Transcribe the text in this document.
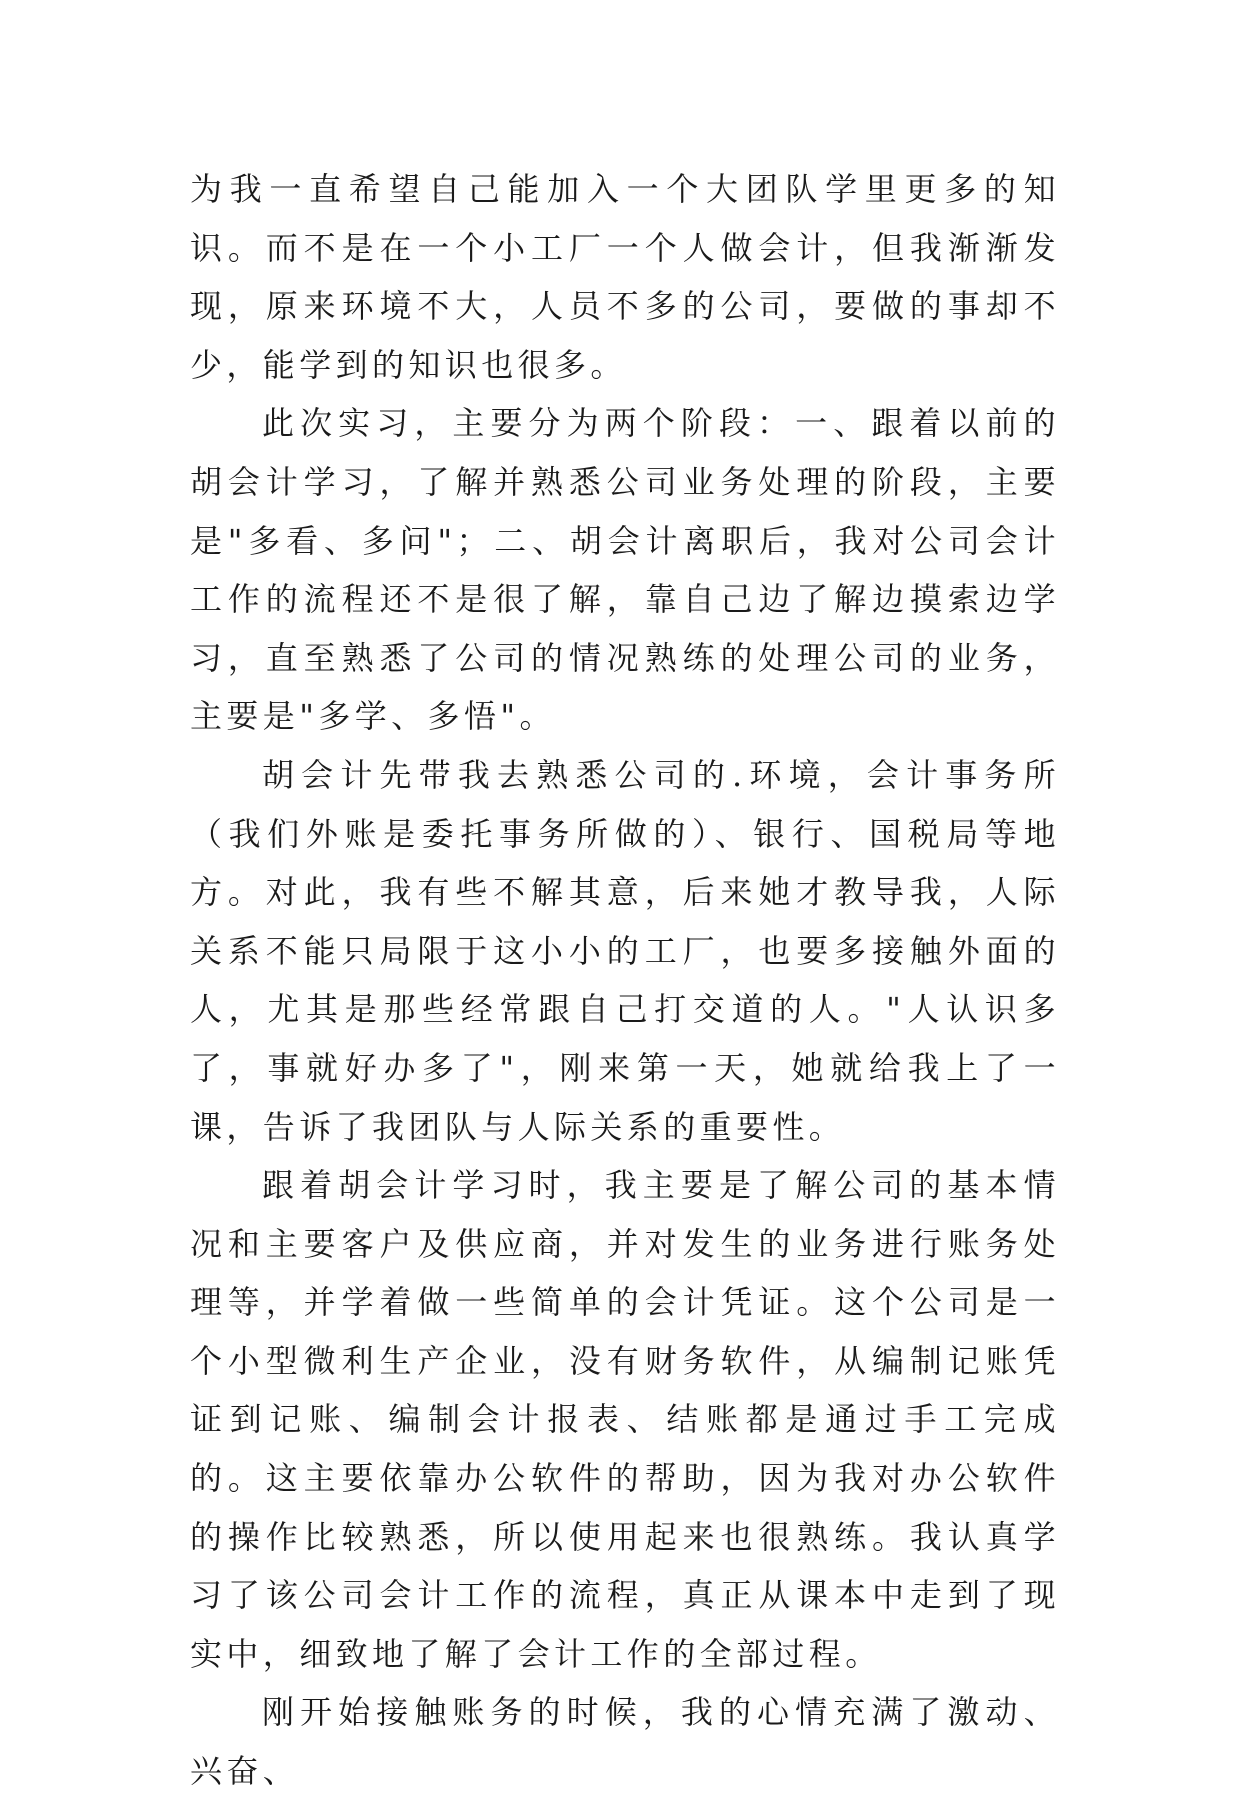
为我一直希望自己能加入一个大团队学里更多的知识。而不是在一个小工厂一个人做会计，但我渐渐发现，原来环境不大，人员不多的公司，要做的事却不少，能学到的知识也很多。

此次实习，主要分为两个阶段：一、跟着以前的胡会计学习，了解并熟悉公司业务处理的阶段，主要是"多看、多问"；二、胡会计离职后，我对公司会计工作的流程还不是很了解，靠自己边了解边摸索边学习，直至熟悉了公司的情况熟练的处理公司的业务，主要是"多学、多悟"。

胡会计先带我去熟悉公司的.环境，会计事务所（我们外账是委托事务所做的）、银行、国税局等地方。对此，我有些不解其意，后来她才教导我，人际关系不能只局限于这小小的工厂，也要多接触外面的人，尤其是那些经常跟自己打交道的人。"人认识多了，事就好办多了"，刚来第一天，她就给我上了一课，告诉了我团队与人际关系的重要性。

跟着胡会计学习时，我主要是了解公司的基本情况和主要客户及供应商，并对发生的业务进行账务处理等，并学着做一些简单的会计凭证。这个公司是一个小型微利生产企业，没有财务软件，从编制记账凭证到记账、编制会计报表、结账都是通过手工完成的。这主要依靠办公软件的帮助，因为我对办公软件的操作比较熟悉，所以使用起来也很熟练。我认真学习了该公司会计工作的流程，真正从课本中走到了现实中，细致地了解了会计工作的全部过程。

刚开始接触账务的时候，我的心情充满了激动、兴奋、
